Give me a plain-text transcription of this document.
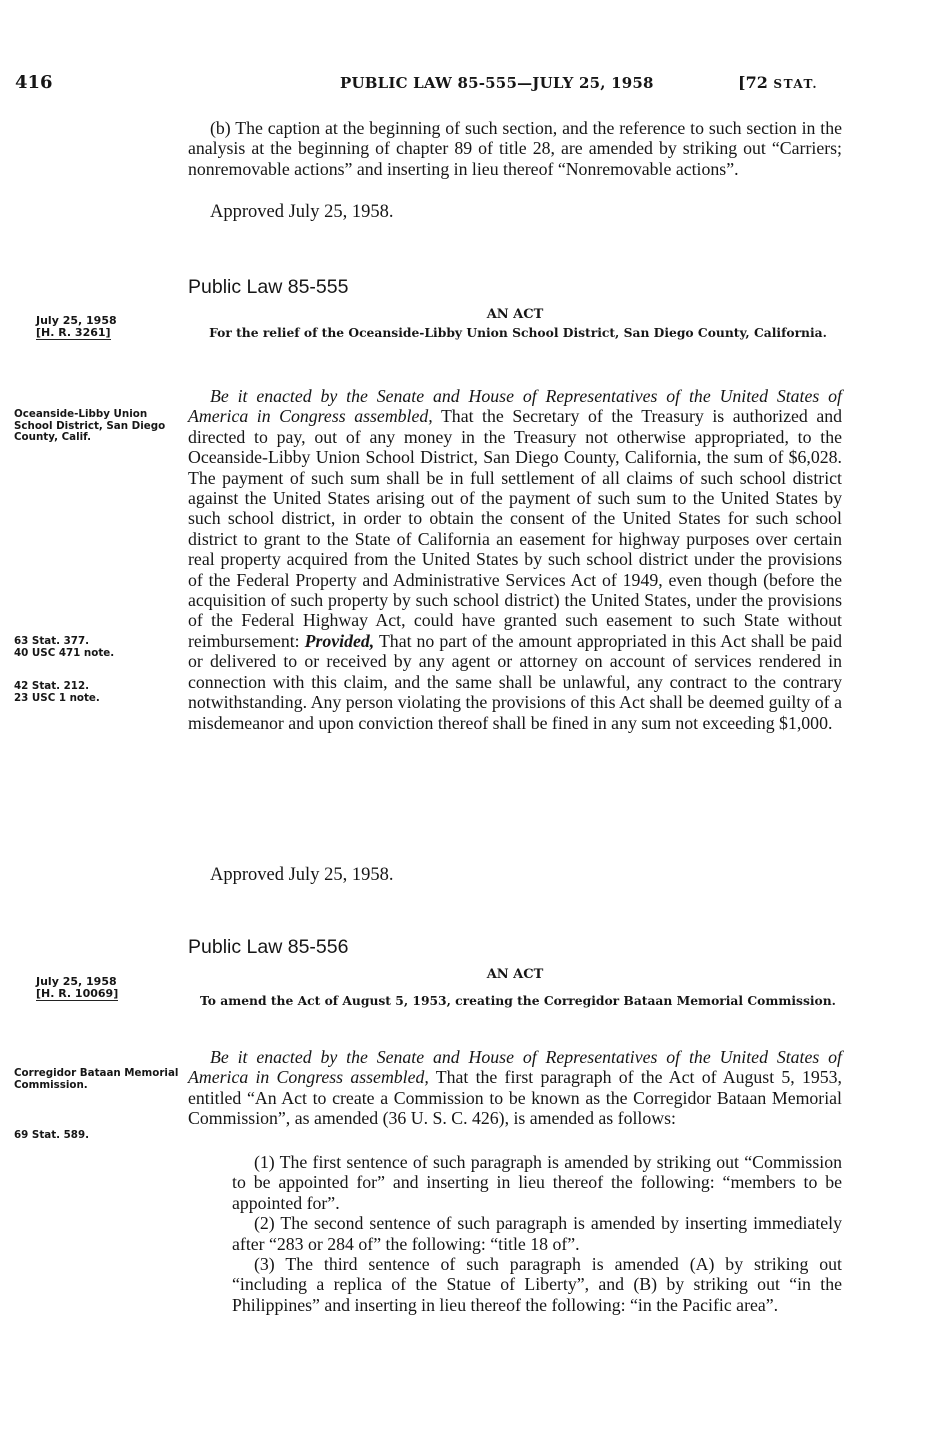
416	PUBLIC LAW 85-555—JULY 25, 1958	[72 STAT.

(b) The caption at the beginning of such section, and the reference to such section in the analysis at the beginning of chapter 89 of title 28, are amended by striking out “Carriers; nonremovable actions” and inserting in lieu thereof “Nonremovable actions”.

Approved July 25, 1958.
Public Law 85-555
July 25, 1958
[H. R. 3261]
AN ACT
For the relief of the Oceanside-Libby Union School District, San Diego County, California.
Oceanside-Libby Union School District, San Diego County, Calif.
63 Stat. 377.
40 USC 471 note.
42 Stat. 212.
23 USC 1 note.

Be it enacted by the Senate and House of Representatives of the United States of America in Congress assembled, That the Secretary of the Treasury is authorized and directed to pay, out of any money in the Treasury not otherwise appropriated, to the Oceanside-Libby Union School District, San Diego County, California, the sum of $6,028. The payment of such sum shall be in full settlement of all claims of such school district against the United States arising out of the payment of such sum to the United States by such school district, in order to obtain the consent of the United States for such school district to grant to the State of California an easement for highway purposes over certain real property acquired from the United States by such school district under the provisions of the Federal Property and Administrative Services Act of 1949, even though (before the acquisition of such property by such school district) the United States, under the provisions of the Federal Highway Act, could have granted such easement to such State without reimbursement: Provided, That no part of the amount appropriated in this Act shall be paid or delivered to or received by any agent or attorney on account of services rendered in connection with this claim, and the same shall be unlawful, any contract to the contrary notwithstanding. Any person violating the provisions of this Act shall be deemed guilty of a misdemeanor and upon conviction thereof shall be fined in any sum not exceeding $1,000.

Approved July 25, 1958.
Public Law 85-556
July 25, 1958
[H. R. 10069]
AN ACT
To amend the Act of August 5, 1953, creating the Corregidor Bataan Memorial Commission.
Corregidor Bataan Memorial Commission.
69 Stat. 589.

Be it enacted by the Senate and House of Representatives of the United States of America in Congress assembled, That the first paragraph of the Act of August 5, 1953, entitled “An Act to create a Commission to be known as the Corregidor Bataan Memorial Commission”, as amended (36 U. S. C. 426), is amended as follows:

(1) The first sentence of such paragraph is amended by striking out “Commission to be appointed for” and inserting in lieu thereof the following: “members to be appointed for”.

(2) The second sentence of such paragraph is amended by inserting immediately after “283 or 284 of” the following: “title 18 of”.

(3) The third sentence of such paragraph is amended (A) by striking out “including a replica of the Statue of Liberty”, and (B) by striking out “in the Philippines” and inserting in lieu thereof the following: “in the Pacific area”.
